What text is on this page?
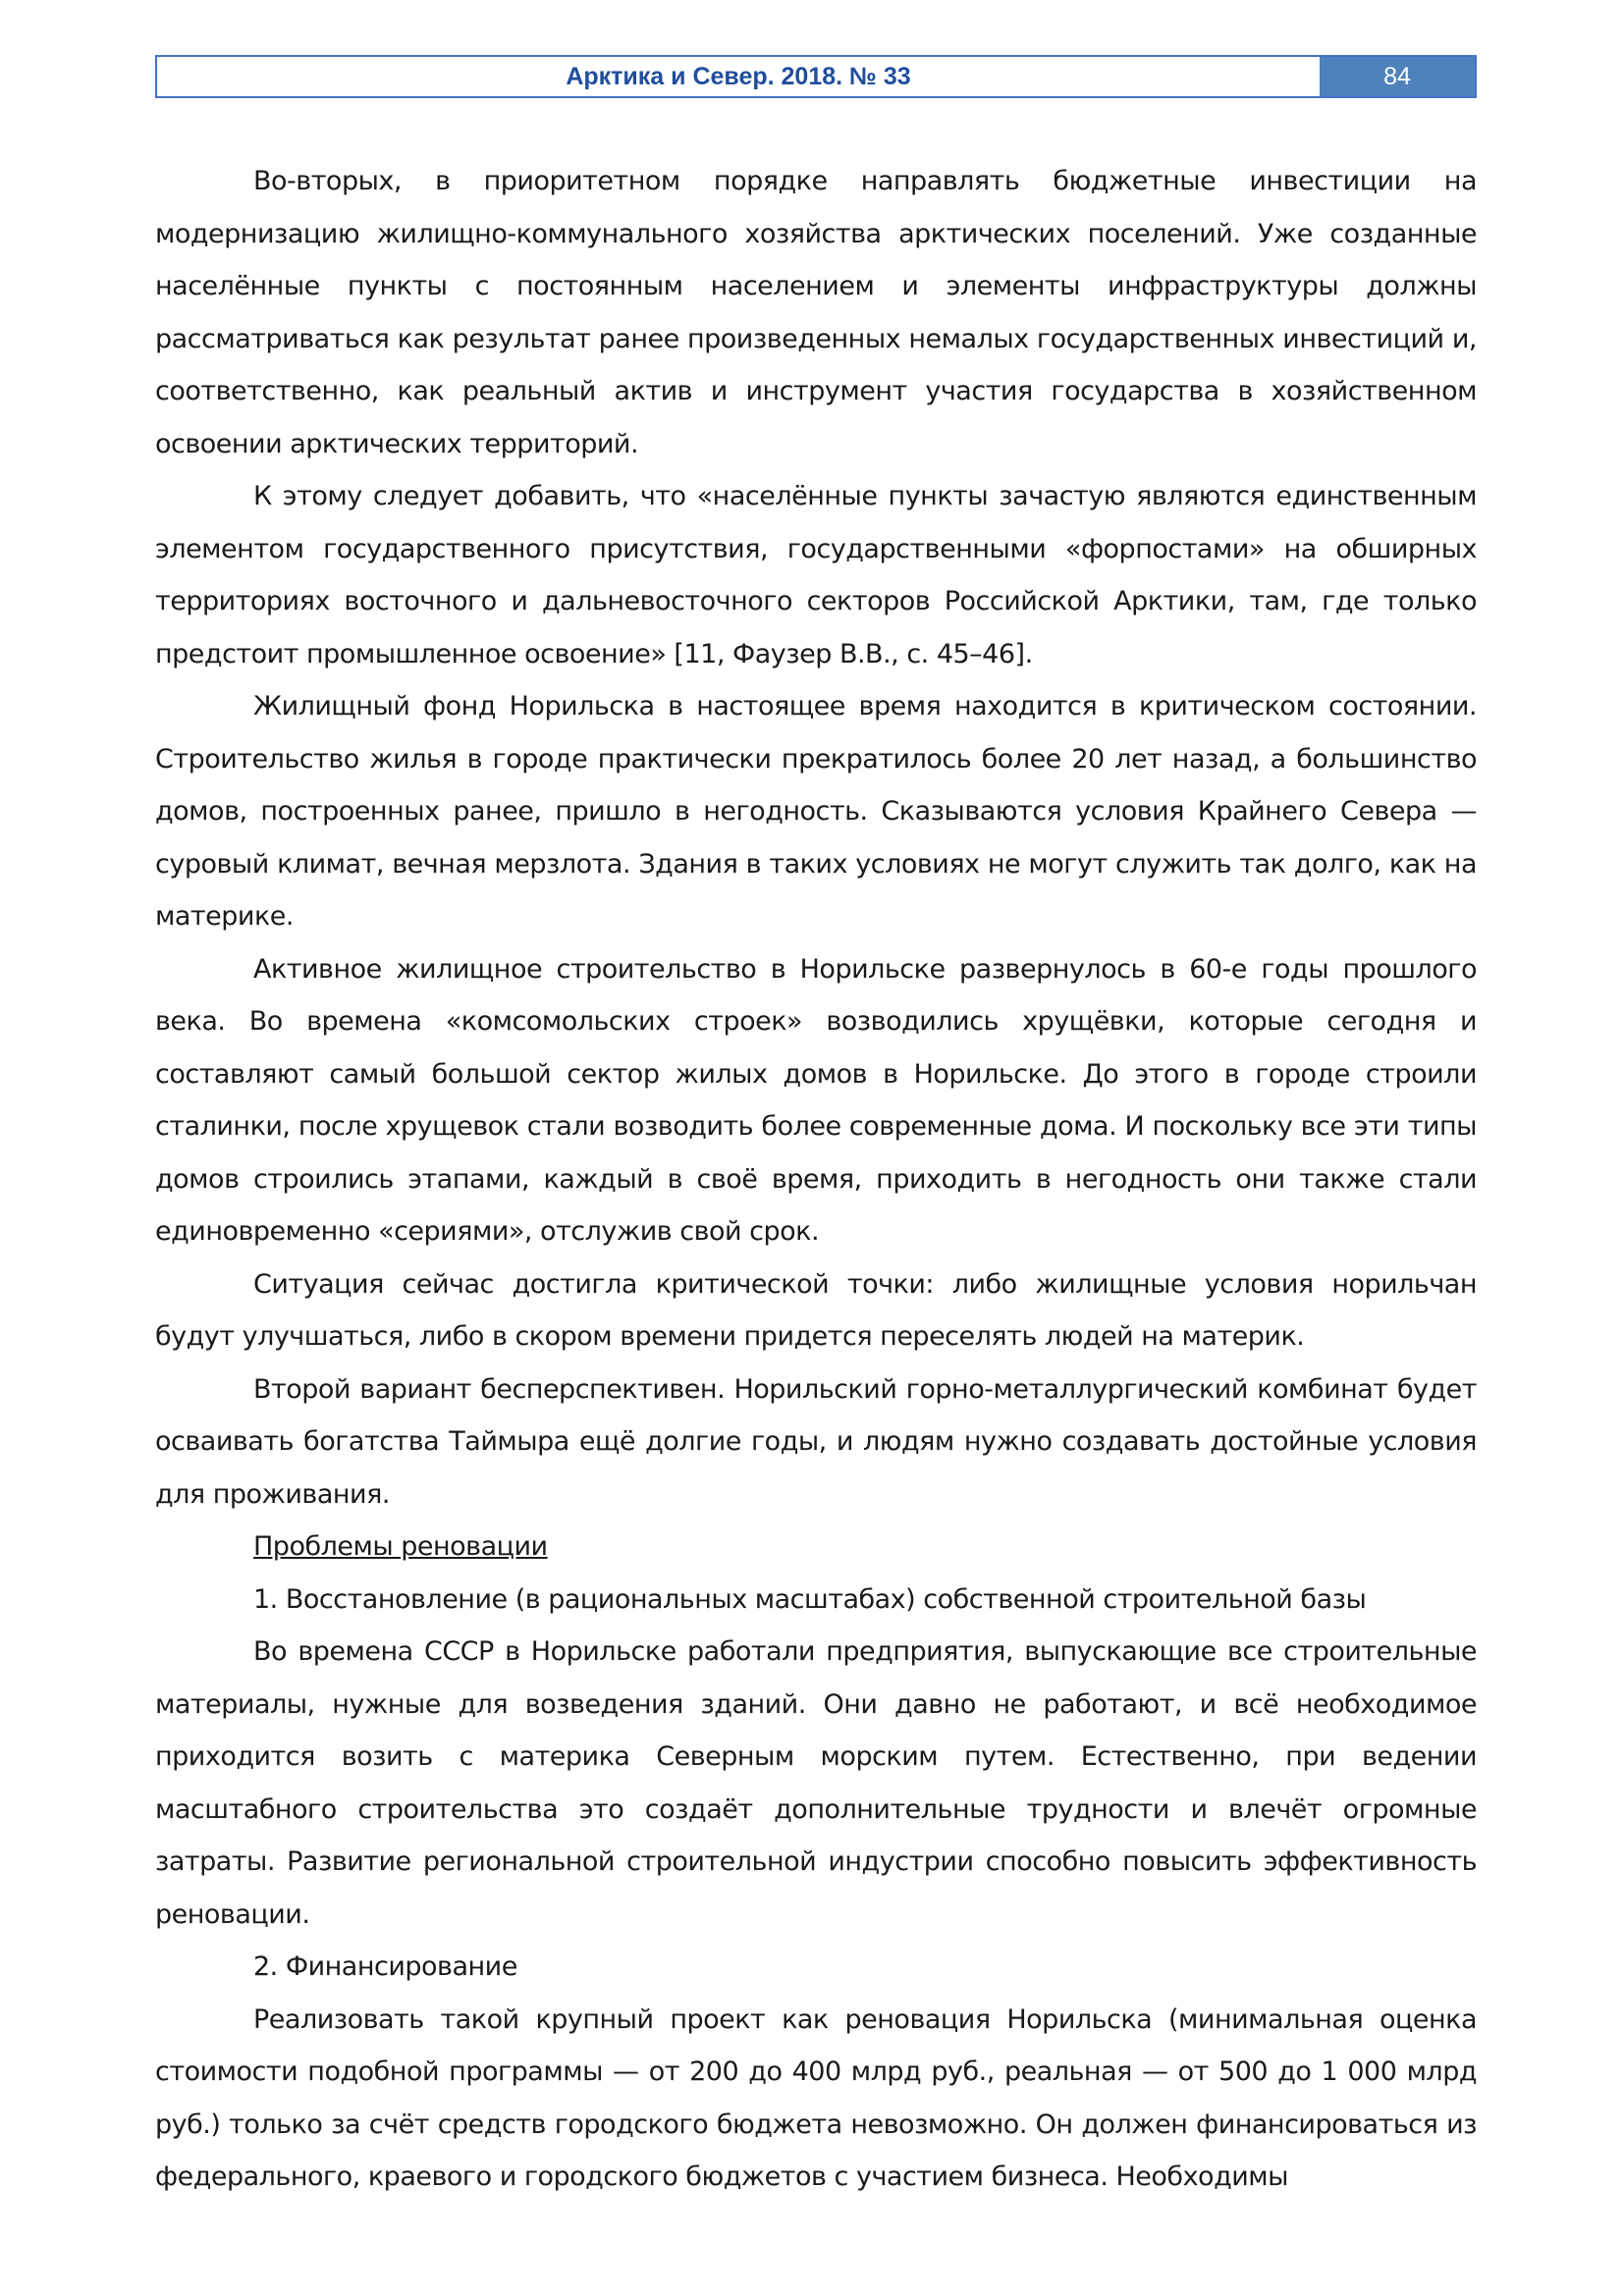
Арктика и Север. 2018. № 33	84

Во-вторых, в приоритетном порядке направлять бюджетные инвестиции на модернизацию жилищно-коммунального хозяйства арктических поселений. Уже созданные населённые пункты с постоянным населением и элементы инфраструктуры должны рассматриваться как результат ранее произведенных немалых государственных инвестиций и, соответственно, как реальный актив и инструмент участия государства в хозяйственном освоении арктических территорий.

К этому следует добавить, что «населённые пункты зачастую являются единственным элементом государственного присутствия, государственными «форпостами» на обширных территориях восточного и дальневосточного секторов Российской Арктики, там, где только предстоит промышленное освоение» [11, Фаузер В.В., с. 45–46].

Жилищный фонд Норильска в настоящее время находится в критическом состоянии. Строительство жилья в городе практически прекратилось более 20 лет назад, а большинство домов, построенных ранее, пришло в негодность. Сказываются условия Крайнего Севера — суровый климат, вечная мерзлота. Здания в таких условиях не могут служить так долго, как на материке.

Активное жилищное строительство в Норильске развернулось в 60-е годы прошлого века. Во времена «комсомольских строек» возводились хрущёвки, которые сегодня и составляют самый большой сектор жилых домов в Норильске. До этого в городе строили сталинки, после хрущевок стали возводить более современные дома. И поскольку все эти типы домов строились этапами, каждый в своё время, приходить в негодность они также стали единовременно «сериями», отслужив свой срок.

Ситуация сейчас достигла критической точки: либо жилищные условия норильчан будут улучшаться, либо в скором времени придется переселять людей на материк.

Второй вариант бесперспективен. Норильский горно-металлургический комбинат будет осваивать богатства Таймыра ещё долгие годы, и людям нужно создавать достойные условия для проживания.

Проблемы реновации

1. Восстановление (в рациональных масштабах) собственной строительной базы

Во времена СССР в Норильске работали предприятия, выпускающие все строительные материалы, нужные для возведения зданий. Они давно не работают, и всё необходимое приходится возить с материка Северным морским путем. Естественно, при ведении масштабного строительства это создаёт дополнительные трудности и влечёт огромные затраты. Развитие региональной строительной индустрии способно повысить эффективность реновации.

2. Финансирование

Реализовать такой крупный проект как реновация Норильска (минимальная оценка стоимости подобной программы — от 200 до 400 млрд руб., реальная — от 500 до 1 000 млрд руб.) только за счёт средств городского бюджета невозможно. Он должен финансироваться из федерального, краевого и городского бюджетов с участием бизнеса. Необходимы
